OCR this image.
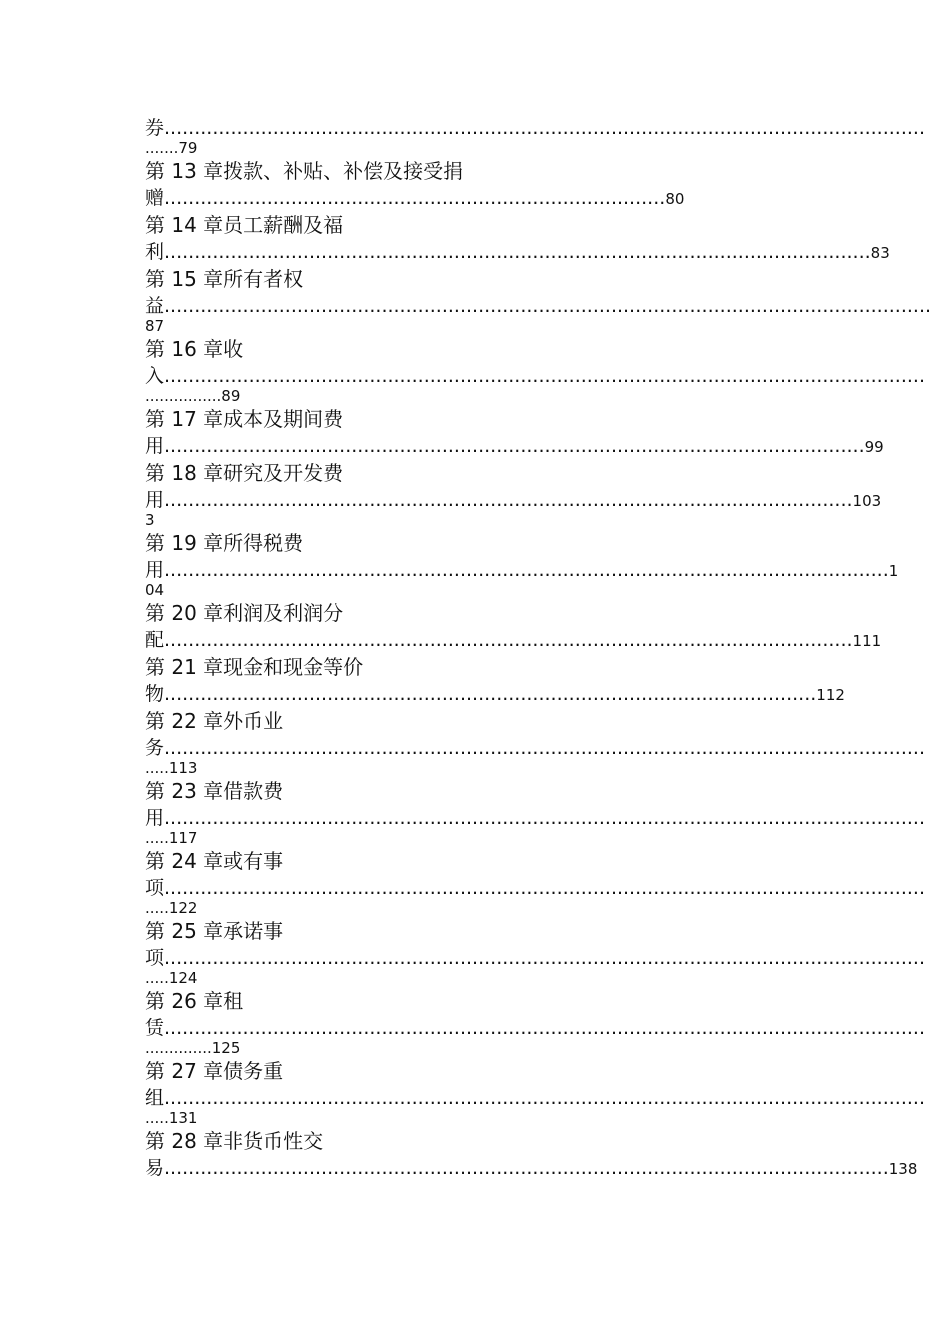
券..............................................................................................................................
.......79
第 13 章拨款、补贴、补偿及接受捐
赠...................................................................................80
第 14 章员工薪酬及福
利.....................................................................................................................83
第 15 章所有者权
益...............................................................................................................................
87
第 16 章收
入..............................................................................................................................
................89
第 17 章成本及期间费
用....................................................................................................................99
第 18 章研究及开发费
用..................................................................................................................103
3
第 19 章所得税费
用........................................................................................................................1
04
第 20 章利润及利润分
配..................................................................................................................111
第 21 章现金和现金等价
物............................................................................................................112
第 22 章外币业
务..............................................................................................................................
.....113
第 23 章借款费
用..............................................................................................................................
.....117
第 24 章或有事
项..............................................................................................................................
.....122
第 25 章承诺事
项..............................................................................................................................
.....124
第 26 章租
赁..............................................................................................................................
..............125
第 27 章债务重
组..............................................................................................................................
.....131
第 28 章非货币性交
易........................................................................................................................138
